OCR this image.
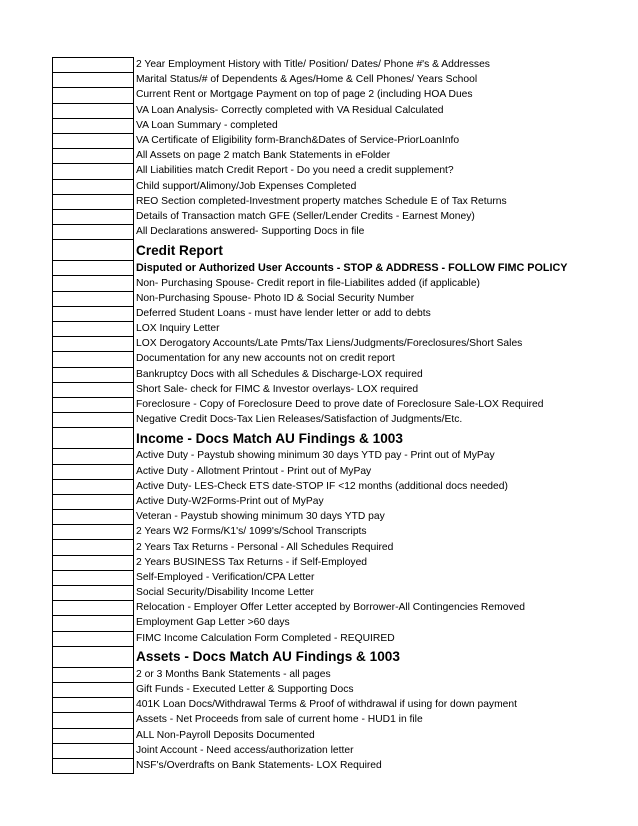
	2 Year Employment History with Title/ Position/ Dates/ Phone #'s & Addresses
	Marital Status/# of Dependents & Ages/Home & Cell Phones/ Years School
	Current Rent or Mortgage Payment on top of page 2 (including HOA Dues
	VA Loan Analysis- Correctly completed with VA Residual Calculated
	VA Loan Summary - completed
	VA Certificate of Eligibility form-Branch&Dates of Service-PriorLoanInfo
	All Assets on page 2 match Bank Statements in eFolder
	All Liabilities match Credit Report - Do you need a credit supplement?
	Child support/Alimony/Job Expenses Completed
	REO Section completed-Investment property matches Schedule E of Tax Returns
	Details of Transaction match GFE (Seller/Lender Credits - Earnest Money)
	All Declarations answered- Supporting Docs in file
	Credit Report
	Disputed or Authorized User Accounts - STOP & ADDRESS - FOLLOW FIMC POLICY
	Non- Purchasing Spouse- Credit report in file-Liabilites added (if applicable)
	Non-Purchasing Spouse- Photo ID & Social Security Number
	Deferred Student Loans - must have lender letter or add to debts
	LOX Inquiry Letter
	LOX Derogatory Accounts/Late Pmts/Tax Liens/Judgments/Foreclosures/Short Sales
	Documentation for any new accounts not on credit report
	Bankruptcy Docs with all Schedules & Discharge-LOX required
	Short Sale- check for FIMC & Investor overlays- LOX required
	Foreclosure - Copy of Foreclosure Deed to prove date of Foreclosure Sale-LOX Required
	Negative Credit Docs-Tax Lien Releases/Satisfaction of Judgments/Etc.
	Income - Docs Match AU Findings & 1003
	Active Duty - Paystub showing minimum 30 days YTD pay - Print out of MyPay
	Active Duty - Allotment Printout - Print out of MyPay
	Active Duty- LES-Check ETS date-STOP IF <12 months (additional docs needed)
	Active Duty-W2Forms-Print out of MyPay
	Veteran - Paystub showing minimum 30 days YTD pay
	2 Years W2 Forms/K1's/ 1099's/School Transcripts
	2 Years Tax Returns - Personal - All Schedules Required
	2 Years BUSINESS Tax Returns - if Self-Employed
	Self-Employed - Verification/CPA Letter
	Social Security/Disability Income Letter
	Relocation - Employer Offer Letter accepted by Borrower-All Contingencies Removed
	Employment Gap Letter >60 days
	FIMC Income Calculation Form Completed - REQUIRED
	Assets - Docs Match AU Findings & 1003
	2 or 3 Months Bank Statements - all pages
	Gift Funds - Executed Letter & Supporting Docs
	401K Loan Docs/Withdrawal Terms & Proof of withdrawal if using for down payment
	Assets - Net Proceeds from sale of current home - HUD1 in file
	ALL Non-Payroll Deposits Documented
	Joint Account - Need access/authorization letter
	NSF's/Overdrafts on Bank Statements- LOX Required
